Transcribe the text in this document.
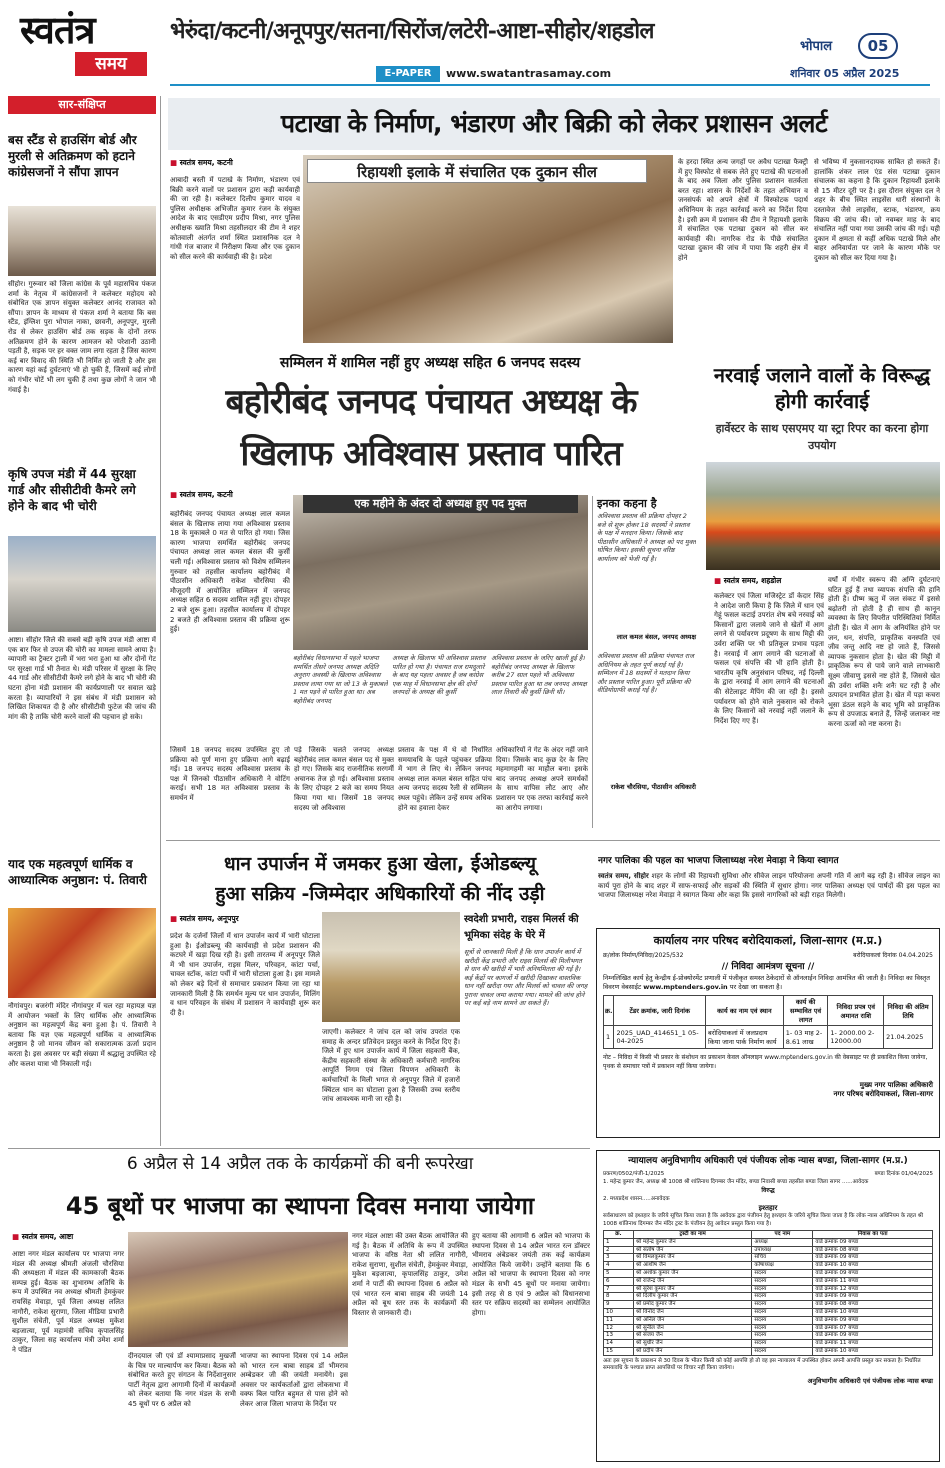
स्वतंत्र
समय
भेरुंदा/कटनी/अनूपपुर/सतना/सिरोंज/लटेरी-आष्टा-सीहोर/शहडोल
भोपाल	05
E-PAPER	www.swatantrasamay.com	शनिवार 05 अप्रैल 2025
सार-संक्षिप्त
बस स्टैंड से हाउसिंग बोर्ड और मुरली से अतिक्रमण को हटाने कांग्रेसजनों ने सौंपा ज्ञापन
सीहोर। गुरूवार को जिला कांग्रेस के पूर्व महासचिव पंकज शर्मा के नेतृत्व में कांग्रेसजनों ने कलेक्टर महोदय को संबोधित एक ज्ञापन संयुक्त कलेक्टर आनंद राजावत को सौंपा। ज्ञापन के माध्यम से पंकज शर्मा ने बताया कि बस स्टैंड, इंग्लिश पुरा भोपाल नाका, छावनी, अनूपपुर, मुरली रोड से लेकर हाउसिंग बोर्ड तक सड़क के दोनों तरफ अतिक्रमण होने के कारण आमजन को परेशानी उठानी पड़ती है, सड़क पर हर वक्त जाम लगा रहता है जिस कारण कई बार विवाद की स्थिति भी निर्मित हो जाती है और इस कारण यहां कई दुर्घटनाएं भी हो चुकी हैं, जिसमें कई लोगों को गंभीर चोटें भी लग चुकी हैं तथा कुछ लोगों ने जान भी गंवाई है।
कृषि उपज मंडी में 44 सुरक्षा गार्ड और सीसीटीवी कैमरे लगे होने के बाद भी चोरी
आष्टा। सीहोर जिले की सबसे बड़ी कृषि उपज मंडी आष्टा में एक बार फिर से उपज की चोरी का मामला सामने आया है। व्यापारी का ट्रैक्टर ट्राली में भरा भरा हुआ था और दोनों गेट पर सुरक्षा गार्ड भी तैनात थे। मंडी परिसर में सुरक्षा के लिए 44 गार्ड और सीसीटीवी कैमरे लगे होने के बाद भी चोरी की घटना होना मंडी प्रशासन की कार्यप्रणाली पर सवाल खड़े करता है। व्यापारियों ने इस संबंध में मंडी प्रशासन को लिखित शिकायत दी है और सीसीटीवी फुटेज की जांच की मांग की है ताकि चोरी करने वालों की पहचान हो सके।
याद एक महत्वपूर्ण धार्मिक व आध्यात्मिक अनुष्ठान: पं. तिवारी
नौगांवपुर। बजरंगी मंदिर नौगांवपुर में चल रहा महायज्ञ यज्ञ में आयोजन भक्तों के लिए धार्मिक और आध्यात्मिक अनुष्ठान का महत्वपूर्ण केंद्र बना हुआ है। पं. तिवारी ने बताया कि यज्ञ एक महत्वपूर्ण धार्मिक व आध्यात्मिक अनुष्ठान है जो मानव जीवन को सकारात्मक ऊर्जा प्रदान करता है। इस अवसर पर बड़ी संख्या में श्रद्धालु उपस्थित रहे और कलश यात्रा भी निकाली गई।
पटाखा के निर्माण, भंडारण और बिक्री को लेकर प्रशासन अलर्ट
■ स्वतंत्र समय, कटनी
आबादी बस्ती में पटाखे के निर्माण, भंडारण एवं बिक्री करने वालों पर प्रशासन द्वारा कड़ी कार्यवाही की जा रही है। कलेक्टर दिलीप कुमार यादव व पुलिस अधीक्षक अभिजीत कुमार रंजन के संयुक्त आदेश के बाद एसडीएम प्रदीप मिश्रा, नगर पुलिस अधीक्षक ख्याति मिश्रा तहसीलदार की टीम ने शहर कोतवाली अंतर्गत शर्मा स्थित प्रशासनिक दल ने गांधी गंज बाजार में निरीक्षण किया और एक दुकान को सील करने की कार्यवाही की है। प्रदेश
रिहायशी इलाके में संचालित एक दुकान सील
के हरदा स्थित अन्य जगहों पर अवैध पटाखा फैक्ट्री में हुए विस्फोट से सबक लेते हुए पटाखे की घटनाओं के बाद अब जिला और पुलिस प्रशासन सतर्कता बरत रहा। शासन के निर्देशों के तहत अभियान व जनसंपर्क को अपने क्षेत्रों में विस्फोटक पदार्थ अधिनियम के तहत कार्रवाई करने का निर्देश दिया है। इसी क्रम में प्रशासन की टीम ने रिहायशी इलाके में संचालित एक पटाखा दुकान को सील कर कार्यवाही की। नागरिक रोड के पीछे संचालित पटाखा दुकान की जांच में पाया कि शहरी क्षेत्र में होने
से भविष्य में नुकसानदायक साबित हो सकते हैं। हालांकि शंकर लाल एंड संस पटाखा दुकान संचालक का कहना है कि दुकान रिहायशी इलाके से 15 मीटर दूरी पर है। इस दौरान संयुक्त दल ने शहर के बीच स्थित लाइसेंस धारी संस्थानों के दस्तावेज जैसे लाइसेंस, स्टाक, भंडारण, क्रय विक्रय की जांच की। जो नवम्बर माह के बाद संचालित नहीं पाया गया उसकी जांच की गई। यही दुकान में क्षमता से कहीं अधिक पटाखे मिले और बाहर अनिवार्यता पर जाने के कारण मौके पर दुकान को सील कर दिया गया है।
सम्मिलन में शामिल नहीं हुए अध्यक्ष सहित 6 जनपद सदस्य
बहोरीबंद जनपद पंचायत अध्यक्ष के
खिलाफ अविश्वास प्रस्ताव पारित
■ स्वतंत्र समय, कटनी
बहोरीबंद जनपद पंचायत अध्यक्ष लाल कमल बंसल के खिलाफ लाया गया अविश्वास प्रस्ताव 18 के मुकाबले 0 मत से पारित हो गया। जिस कारण भाजपा समर्थित बहोरीबंद जनपद पंचायत अध्यक्ष लाल कमल बंसल की कुर्सी चली गई। अविश्वास प्रस्ताव को विशेष सम्मिलन गुरुवार को तहसील कार्यालय बहोरीबंद में पीठासीन अधिकारी राकेश चौरसिया की मौजूदगी में आयोजित सम्मिलन में जनपद अध्यक्ष सहित 6 सदस्य शामिल नहीं हुए। दोपहर 2 बजे शुरू हुआ। तहसील कार्यालय में दोपहर 2 बजते ही अविश्वास प्रस्ताव की प्रक्रिया शुरू हुई।
एक महीने के अंदर दो अध्यक्ष हुए पद मुक्त
बहोरीबंद विधानसभा में पहले भाजपा समर्थित तीसरे जनपद अध्यक्ष अदिति अनुराग अवस्थी के खिलाफ अविश्वास प्रस्ताव लाया गया था जो 13 के मुकाबले 1 मत पड़ने से पारित हुआ था। अब बहोरीबंद जनपद
अध्यक्ष के खिलाफ भी अविश्वास प्रस्ताव पारित हो गया है। पंचायत राज रामदुलारे के बाद यह पहला अवसर है जब कांग्रेस एक माह में विधानसभा क्षेत्र की दोनों जनपदों के अध्यक्ष की कुर्सी
अविश्वास प्रस्ताव के जरिए खाली हुई है। बहोरीबंद जनपद अध्यक्ष के खिलाफ करीब 27 साल पहले भी अविश्वास प्रस्ताव पारित हुआ था तब जनपद अध्यक्ष लाल तिवारी की कुर्सी छिनी थी।
जिसमें 18 जनपद सदस्य उपस्थित हुए तो प्रक्रिया को पूर्ण माना हुए प्रक्रिया आगे बढ़ाई गई। 18 जनपद सदस्य अविश्वास प्रस्ताव के पक्ष में जिनको पीठासीन अधिकारी ने वोटिंग कराई। सभी 18 मत अविश्वास प्रस्ताव के समर्थन में
पड़े जिसके चलते जनपद अध्यक्ष बहोरीबंद लाल कमल बंसल पद से मुक्त हो गए। जिसके बाद राजनीतिक सरगर्मी अचानक तेज हो गई। अविश्वास प्रस्ताव के लिए दोपहर 2 बजे का समय नियत किया गया था। जिसमें 18 जनपद सदस्य जो अविश्वास
प्रस्ताव के पक्ष में थे वो निर्धारित समयावधि के पहले पहुंचकर प्रक्रिया में भाग ले लिए थे। लेकिन जनपद अध्यक्ष लाल कमल बंसल सहित पांच अन्य जनपद सदस्य रैली से सम्मिलन स्थल पहुंचे। लेकिन उन्हें समय अधिक होने का हवाला देकर
अधिकारियों ने गेट के अंदर नहीं जाने दिया। जिसके बाद कुछ देर के लिए महमागहमी का माहौल बना। इसके बाद जनपद अध्यक्ष अपने समर्थकों के साथ वापिस लौट आए और प्रशासन पर एक तरफा कार्रवाई करने का आरोप लगाया।
इनका कहना है
अविश्वास प्रस्ताव की प्रक्रिया दोपहर 2 बजे से शुरू होकर 18 सदस्यों ने प्रस्ताव के पक्ष में मतदान किया। जिसके बाद पीठासीन अधिकारी ने अध्यक्ष को पद मुक्त घोषित किया। इसकी सूचना वरिष्ठ कार्यालय को भेजी गई है।
लाल कमल बंसल, जनपद अध्यक्ष
अविश्वास प्रस्ताव की प्रक्रिया पंचायत राज अधिनियम के तहत पूर्ण कराई गई है। सम्मिलन में 18 सदस्यों ने मतदान किया और प्रस्ताव पारित हुआ। पूरी प्रक्रिया की वीडियोग्राफी कराई गई है।
राकेश चौरसिया, पीठासीन अधिकारी
नरवाई जलाने वालों के विरूद्ध होगी कार्रवाई
हार्वेस्टर के साथ एसएमए या स्ट्रा रिपर का करना होगा उपयोग
■ स्वतंत्र समय, शहडोल
कलेक्टर एवं जिला मजिस्ट्रेट डॉ केदार सिंह ने आदेश जारी किया है कि जिले में धान एवं गेहूं फसल कटाई उपरांत शेष बचे नरवाई को किसानों द्वारा जलाये जाने से खेतों में आग लगने से पर्यावरण प्रदूषण के साथ मिट्टी की उर्वरा शक्ति पर भी प्रतिकूल प्रभाव पड़ता है। नरवाई में आग लगाने की घटनाओं से फसल एवं संपत्ति की भी हानि होती है। भारतीय कृषि अनुसंधान परिषद, नई दिल्ली के द्वारा नरवाई में आग लगाने की घटनाओं की सेटेलाइट मैपिंग की जा रही है। इससे पर्यावरण को होने वाले नुकसान को रोकने के लिए किसानों को नरवाई नहीं जलाने के निर्देश दिए गए हैं।
वर्षों में गंभीर स्वरूप की अग्नि दुर्घटनाएं घटित हुई हैं तथा व्यापक संपत्ति की हानि होती है। ग्रीष्म ऋतु में जल संकट में इससे बढ़ोतरी तो होती है ही साथ ही कानून व्यवस्था के लिए विपरीत परिस्थितियां निर्मित होती हैं। खेत में आग के अनियंत्रित होने पर जन, धन, संपत्ति, प्राकृतिक वनस्पति एवं जीव जन्तु आदि नष्ट हो जाते हैं, जिससे व्यापक नुकसान होता है। खेत की मिट्टी में प्राकृतिक रूप से पाये जाने वाले लाभकारी सूक्ष्म जीवाणु इससे नष्ट होते हैं, जिससे खेत की उर्वरा शक्ति शनैः शनैः घट रही है और उत्पादन प्रभावित होता है। खेत में पड़ा कचरा भूसा डंठल सड़ने के बाद भूमि को प्राकृतिक रूप से उपजाऊ बनाते हैं, जिन्हें जलाकर नष्ट करना ऊर्जा को नष्ट करना है।
धान उपार्जन में जमकर हुआ खेला, ईओडब्ल्यू
हुआ सक्रिय -जिम्मेदार अधिकारियों की नींद उड़ी
■ स्वतंत्र समय, अनूपपुर
प्रदेश के दर्जनों जिलों में धान उपार्जन कार्य में भारी घोटाला हुआ है। ईओडब्ल्यू की कार्यवाही से प्रदेश प्रशासन की कटघरे में खड़ा दिख रही है। इसी तारतम्य में अनूपपुर जिले में भी धान उपार्जन, राइस मिलर, परिवहन, कांटा पर्चा, चावल स्टॉक, कांटा पर्ची में भारी घोटाला हुआ है। इस मामले को लेकर बड़े दिनों से समाचार प्रकाशन किया जा रहा था जानकारी मिली है कि समर्थन मूल्य पर धान उपार्जन, मिलिंग व धान परिवहन के संबंध में प्रशासन ने कार्यवाही शुरू कर दी है।
जाएगी। कलेक्टर ने जांच दल को जांच उपरांत एक समाह के अन्दर प्रतिवेदन प्रस्तुत करने के निर्देश दिए हैं। जिले में हुए धान उपार्जन कार्य में जिला सहकारी बैंक, केंद्रीय सहकारी संस्था के अधिकारी कर्मचारी नागरिक आपूर्ति निगम एवं जिला विपणन अधिकारी के कर्मचारियों के मिली भगत से अनूपपुर जिले में हजारों क्विंटल धान का घोटाला हुआ है जिसकी उच्च स्तरीय जांच आवश्यक मानी जा रही है।
स्वदेशी प्रभारी, राइस मिलर्स की भूमिका संदेह के घेरे में
सूत्रों से जानकारी मिली है कि धान उपार्जन कार्य में खरीदी केंद्र प्रभारी और राइस मिलर्स की मिलीभगत से धान की खरीदी में भारी अनियमितता की गई है। कई केंद्रों पर कागजों में खरीदी दिखाकर वास्तविक धान नहीं खरीदा गया और मिलर्स को चावल की जगह पुराना चावल जमा कराया गया। मामले की जांच होने पर कई बड़े नाम सामने आ सकते हैं।
नगर पालिका की पहल का भाजपा जिलाध्यक्ष नरेश मेवाड़ा ने किया स्वागत
स्वतंत्र समय, सीहोर शहर के लोगों की रिहायशी सुविधा और सीवेज लाइन परियोजना अपनी गति में आगे बढ़ रही है। सीवेज लाइन का कार्य पूरा होने के बाद शहर में साफ-सफाई और सड़कों की स्थिति में सुधार होगा। नगर पालिका अध्यक्ष एवं पार्षदों की इस पहल का भाजपा जिलाध्यक्ष नरेश मेवाड़ा ने स्वागत किया और कहा कि इससे नागरिकों को बड़ी राहत मिलेगी।
कार्यालय नगर परिषद बरोदियाकलां, जिला-सागर (म.प्र.)
क्र/लोक निर्माण/निविदा/2025/532	बरोदियाकलां दिनांक 04.04.2025
// निविदा आमंत्रण सूचना //
निम्नलिखित कार्य हेतु केन्द्रीय ई-प्रोक्योरमेंट प्रणाली में पंजीकृत समस्त ठेकेदारों से ऑनलाईन निविदा आमंत्रित की जाती है। निविदा का विस्तृत विवरण वेबसाईट www.mptenders.gov.in पर देखा जा सकता है।
क्र.	टेंडर क्रमांक, जारी दिनांक	कार्य का नाम एवं स्थान	कार्य की सम्भावित एवं लागत	निविदा प्रपत्र एवं अमानत राशि	निविदा की अंतिम तिथि
1	2025_UAD_414651_1 05-04-2025	बरोदियाकलां में जलप्रदाय किया जाना पार्क निर्माण कार्य	1- 03 माह 2- 8.61 लाख	1- 2000.00 2- 12000.00	21.04.2025
नोट – निविदा में किसी भी प्रकार के संशोधन का प्रकाशन केवल ऑनलाइन www.mptenders.gov.in की वेबसाइट पर ही प्रकाशित किया जायेगा, पृथक से समाचार पत्रों में प्रकाशन नहीं किया जायेगा।
मुख्य नगर पालिका अधिकारी
नगर परिषद बरोदियाकलां, जिला–सागर
6 अप्रैल से 14 अप्रैल तक के कार्यक्रमों की बनी रूपरेखा
45 बूथों पर भाजपा का स्थापना दिवस मनाया जायेगा
■ स्वतंत्र समय, आष्टा
आष्टा नगर मंडल कार्यालय पर भाजपा नगर मंडल की अध्यक्ष श्रीमती अंजली चौरसिया की अध्यक्षता में मंडल की कामकाजी बैठक सम्पन्न हुई। बैठक का शुभारम्भ अतिथि के रूप में उपस्थित नव अध्यक्ष श्रीमती हेमकुंवर रायसिंह मेवाड़ा, पूर्व जिला अध्यक्ष ललित नागौरी, राकेश सुराणा, जिला मीडिया प्रभारी सुशील संचेती, पूर्व मंडल अध्यक्ष मुकेश बड़जात्या, पूर्व महामंत्री सचिव कृपालसिंह ठाकुर, जिला सह कार्यालय मंत्री उमेश शर्मा ने पंडित
दीनदयाल जी एवं डॉ श्यामाप्रसाद मुखर्जी के चित्र पर माल्यार्पण कर किया। बैठक को संबोधित करते हुए संगठन के निर्देशानुसार पार्टी नेतृत्व द्वारा आगामी दिनों में कार्यक्रमों को लेकर बताया कि नगर मंडल के सभी 45 बूथों पर 6 अप्रैल को
भाजपा का स्थापना दिवस एवं 14 अप्रैल को भारत रत्न बाबा साहब डॉ भीमराव अम्बेडकर जी की जयंती मनायेंगे। इस अवसर पर कार्यकर्ताओं द्वारा लोकसभा में वक्फ बिल पारित बहुमत से पास होने को लेकर आज जिला भाजपा के निर्देश पर
नगर मंडल आष्टा की उक्त बैठक आयोजित की गई है। बैठक में अतिथि के रूप में उपस्थित भाजपा के वरिष्ठ नेता श्री ललित नागौरी, राकेश सुराणा, सुशील संचेती, हेमकुंवर मेवाड़ा, मुकेश बड़जात्या, कृपालसिंह ठाकुर, उमेश शर्मा ने पार्टी की स्थापना दिवस 6 अप्रैल को एवं भारत रत्न बाबा साहब की जयंती 14 अप्रैल को बूथ स्तर तक के कार्यक्रमों की विस्तार से जानकारी दी।
हुए बताया की आगामी 6 अप्रैल को भाजपा के स्थापना दिवस से 14 अप्रैल भारत रत्न डॉक्टर भीमराव अंबेडकर जयंती तक कई कार्यक्रम आयोजित किये जायेंगे। उन्होंने बताया कि 6 अप्रैल को भाजपा के स्थापना दिवस को नगर मंडल के सभी 45 बूथों पर मनाया जायेगा। इसी तरह से 8 एवं 9 अप्रैल को विधानसभा स्तर पर सक्रिय सदस्यों का सम्मेलन आयोजित होगा।
न्यायालय अनुविभागीय अधिकारी एवं पंजीयक लोक न्यास बण्डा, जिला-सागर (म.प्र.)
प्रकरण/0502/पंजी-1/2025	बण्डा दिनांक 01/04/2025
1. महेन्द्र कुमार जैन, अध्यक्ष श्री 1008 श्री शांतिनाथ दिगम्बर जैन मंदिर, बण्डा निवासी बण्डा तहसील बण्डा जिला सागर ......आवेदक
विरुद्ध
2. मध्यप्रदेश शासन.....अनावेदक
इश्तहार
सर्वसाधारण को इश्तहार के जरिये सूचित किया जाता है कि आवेदक द्वारा पंजीयन हेतु इश्तहार के जरिये सूचित किया जाता है कि लोक न्यास अधिनियम के तहत श्री 1008 शांतिनाथ दिगम्बर जैन मंदिर ट्रस्ट के पंजीयन हेतु आवेदन प्रस्तुत किया गया है।
क्र.	ट्रस्टी का नाम	पद नाम	निवास का पता
1	श्री महेन्द्र कुमार जैन	अध्यक्ष	वार्ड क्रमांक 09 बण्डा
2	श्री संतोष जैन	उपाध्यक्ष	वार्ड क्रमांक 08 बण्डा
3	श्री विमलकुमार जैन	सचिव	वार्ड क्रमांक 09 बण्डा
4	श्री आशीष जैन	कोषाध्यक्ष	वार्ड क्रमांक 10 बण्डा
5	श्री अशोक कुमार जैन	सदस्य	वार्ड क्रमांक 09 बण्डा
6	श्री राजेन्द्र जैन	सदस्य	वार्ड क्रमांक 11 बण्डा
7	श्री सुरेश कुमार जैन	सदस्य	वार्ड क्रमांक 12 बण्डा
8	श्री दिलीप कुमार जैन	सदस्य	वार्ड क्रमांक 09 बण्डा
9	श्री प्रमोद कुमार जैन	सदस्य	वार्ड क्रमांक 08 बण्डा
10	श्री विनोद जैन	सदस्य	वार्ड क्रमांक 10 बण्डा
11	श्री अनिल जैन	सदस्य	वार्ड क्रमांक 09 बण्डा
12	श्री सुनील जैन	सदस्य	वार्ड क्रमांक 07 बण्डा
13	श्री संजय जैन	सदस्य	वार्ड क्रमांक 09 बण्डा
14	श्री सुधीर जैन	सदस्य	वार्ड क्रमांक 11 बण्डा
15	श्री प्रदीप जैन	सदस्य	वार्ड क्रमांक 10 बण्डा
अतः इस सूचना के प्रकाशन से 30 दिवस के भीतर किसी को कोई आपत्ति हो तो वह इस न्यायालय में उपस्थित होकर अपनी आपत्ति प्रस्तुत कर सकता है। निर्धारित समयावधि के पश्चात प्राप्त आपत्तियों पर विचार नहीं किया जायेगा।
अनुविभागीय अधिकारी एवं पंजीयक लोक न्यास बण्डा
